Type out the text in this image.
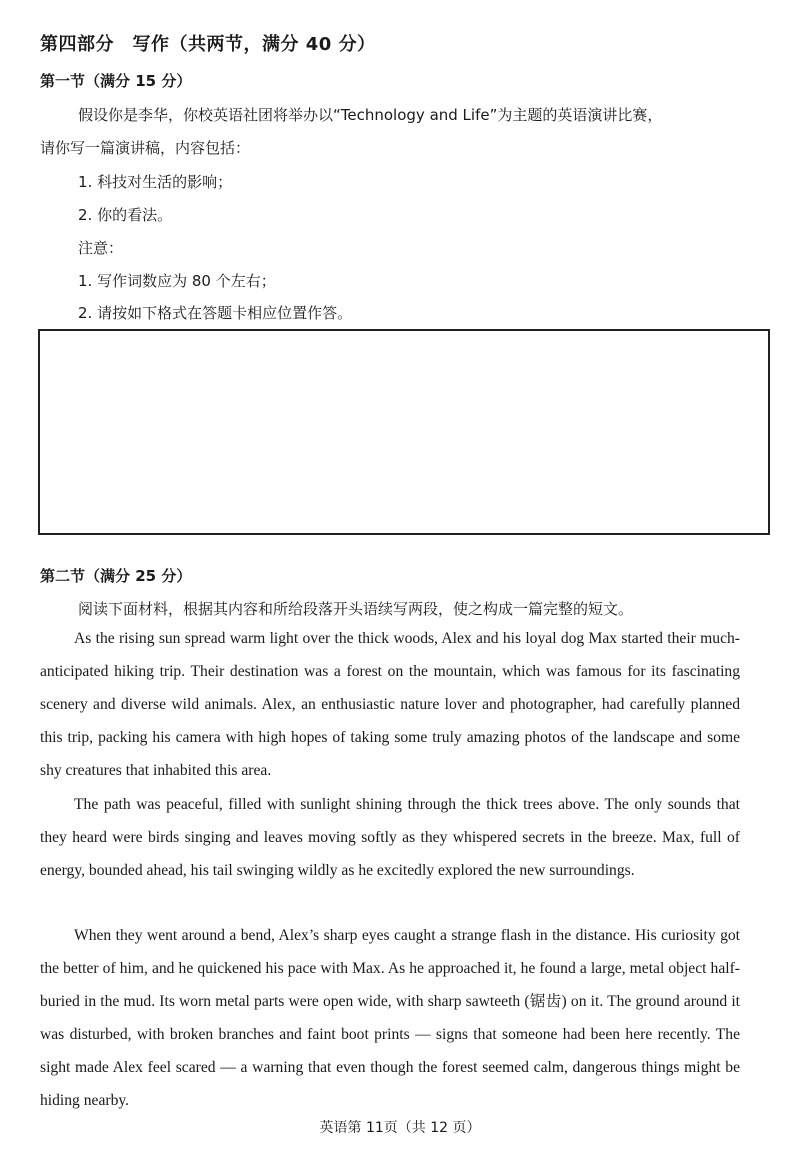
第四部分　写作（共两节，满分 40 分）
第一节（满分 15 分）
假设你是李华，你校英语社团将举办以“Technology and Life”为主题的英语演讲比赛，
请你写一篇演讲稿，内容包括：
1. 科技对生活的影响；
2. 你的看法。
注意：
1. 写作词数应为 80 个左右；
2. 请按如下格式在答题卡相应位置作答。
第二节（满分 25 分）
阅读下面材料，根据其内容和所给段落开头语续写两段，使之构成一篇完整的短文。

As the rising sun spread warm light over the thick woods, Alex and his loyal dog Max started their much-anticipated hiking trip. Their destination was a forest on the mountain, which was famous for its fascinating scenery and diverse wild animals. Alex, an enthusiastic nature lover and photographer, had carefully planned this trip, packing his camera with high hopes of taking some truly amazing photos of the landscape and some shy creatures that inhabited this area.

The path was peaceful, filled with sunlight shining through the thick trees above. The only sounds that they heard were birds singing and leaves moving softly as they whispered secrets in the breeze. Max, full of energy, bounded ahead, his tail swinging wildly as he excitedly explored the new surroundings.

When they went around a bend, Alex’s sharp eyes caught a strange flash in the distance. His curiosity got the better of him, and he quickened his pace with Max. As he approached it, he found a large, metal object half-buried in the mud. Its worn metal parts were open wide, with sharp sawteeth (锯齿) on it. The ground around it was disturbed, with broken branches and faint boot prints — signs that someone had been here recently. The sight made Alex feel scared — a warning that even though the forest seemed calm, dangerous things might be hiding nearby.

英语第 11页（共 12 页）
